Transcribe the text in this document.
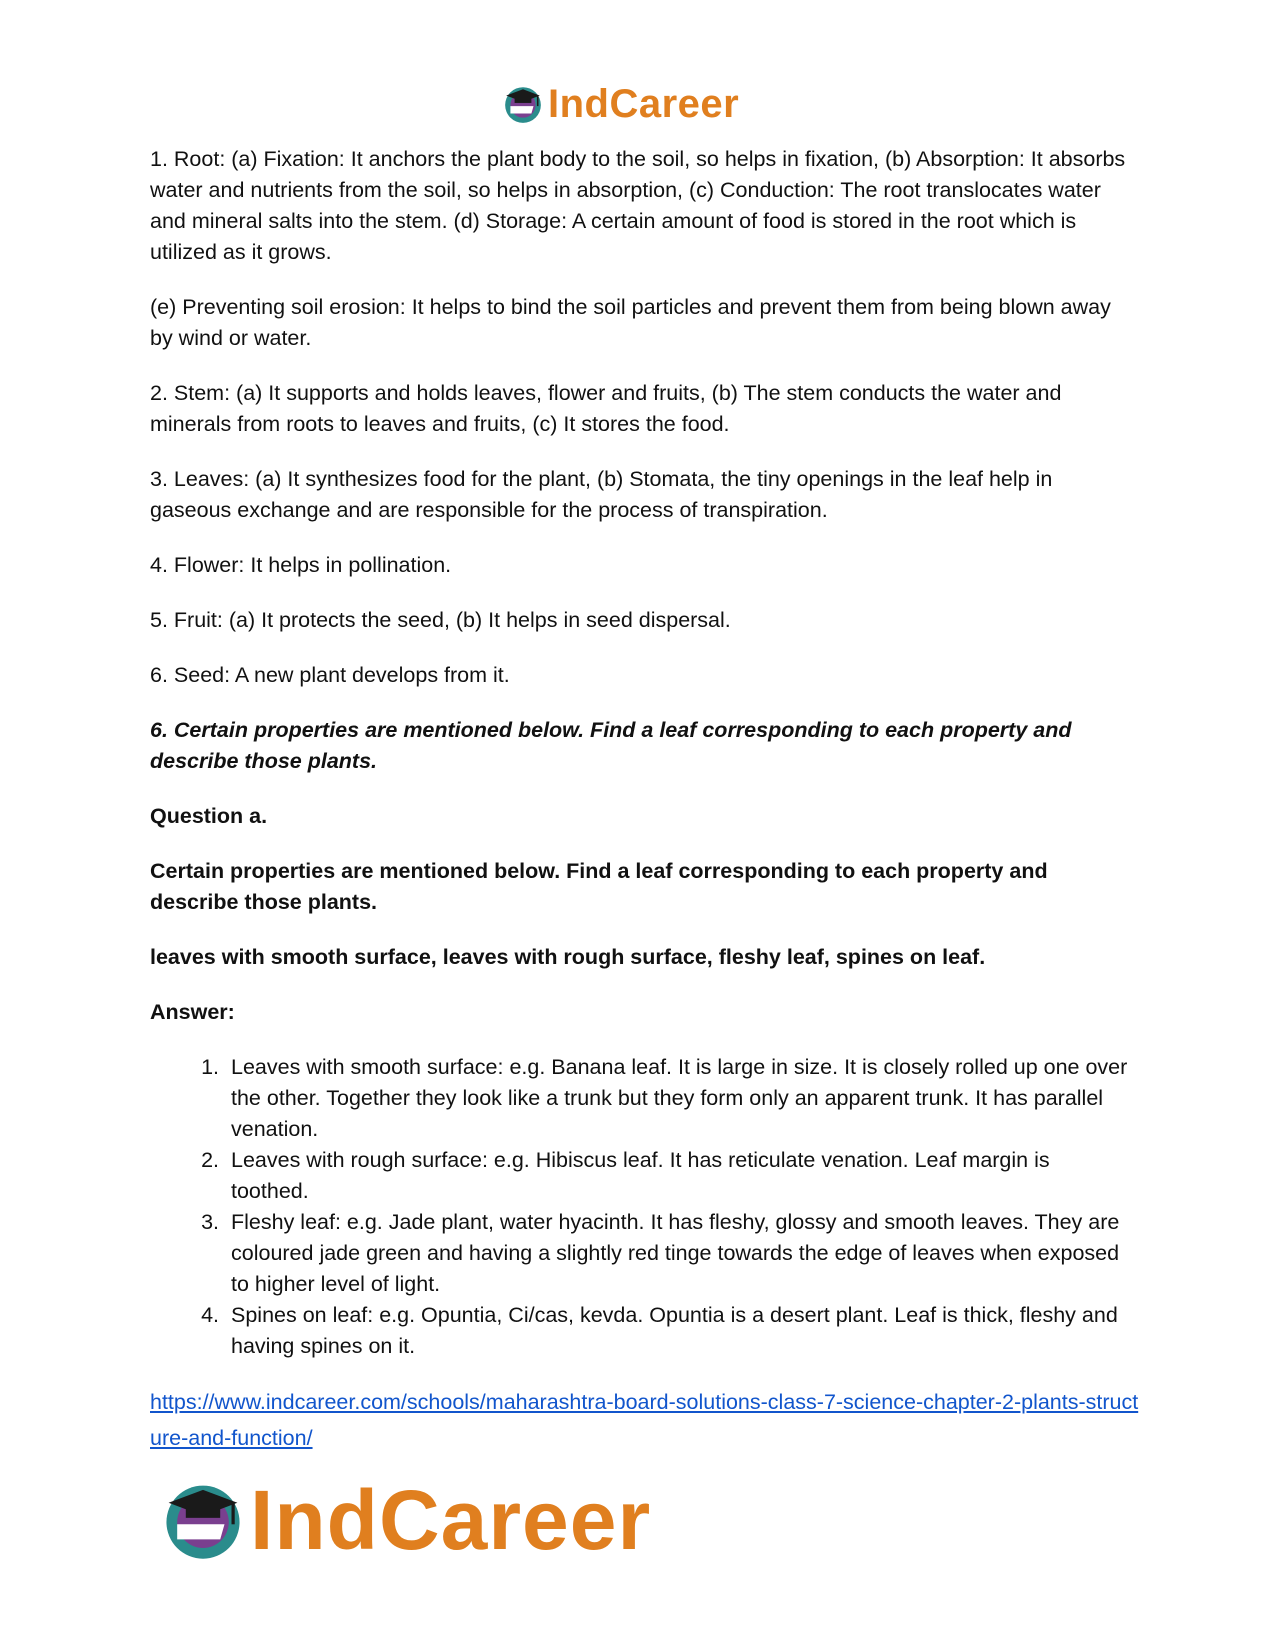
IndCareer

1. Root: (a) Fixation: It anchors the plant body to the soil, so helps in fixation, (b) Absorption: It absorbs water and nutrients from the soil, so helps in absorption, (c) Conduction: The root translocates water and mineral salts into the stem. (d) Storage: A certain amount of food is stored in the root which is utilized as it grows.

(e) Preventing soil erosion: It helps to bind the soil particles and prevent them from being blown away by wind or water.

2. Stem: (a) It supports and holds leaves, flower and fruits, (b) The stem conducts the water and minerals from roots to leaves and fruits, (c) It stores the food.

3. Leaves: (a) It synthesizes food for the plant, (b) Stomata, the tiny openings in the leaf help in gaseous exchange and are responsible for the process of transpiration.

4. Flower: It helps in pollination.

5. Fruit: (a) It protects the seed, (b) It helps in seed dispersal.

6. Seed: A new plant develops from it.

6. Certain properties are mentioned below. Find a leaf corresponding to each property and describe those plants.

Question a.

Certain properties are mentioned below. Find a leaf corresponding to each property and describe those plants.

leaves with smooth surface, leaves with rough surface, fleshy leaf, spines on leaf.

Answer:

1. Leaves with smooth surface: e.g. Banana leaf. It is large in size. It is closely rolled up one over the other. Together they look like a trunk but they form only an apparent trunk. It has parallel venation.
2. Leaves with rough surface: e.g. Hibiscus leaf. It has reticulate venation. Leaf margin is toothed.
3. Fleshy leaf: e.g. Jade plant, water hyacinth. It has fleshy, glossy and smooth leaves. They are coloured jade green and having a slightly red tinge towards the edge of leaves when exposed to higher level of light.
4. Spines on leaf: e.g. Opuntia, Ci/cas, kevda. Opuntia is a desert plant. Leaf is thick, fleshy and having spines on it.
https://www.indcareer.com/schools/maharashtra-board-solutions-class-7-science-chapter-2-plants-structure-and-function/
IndCareer
